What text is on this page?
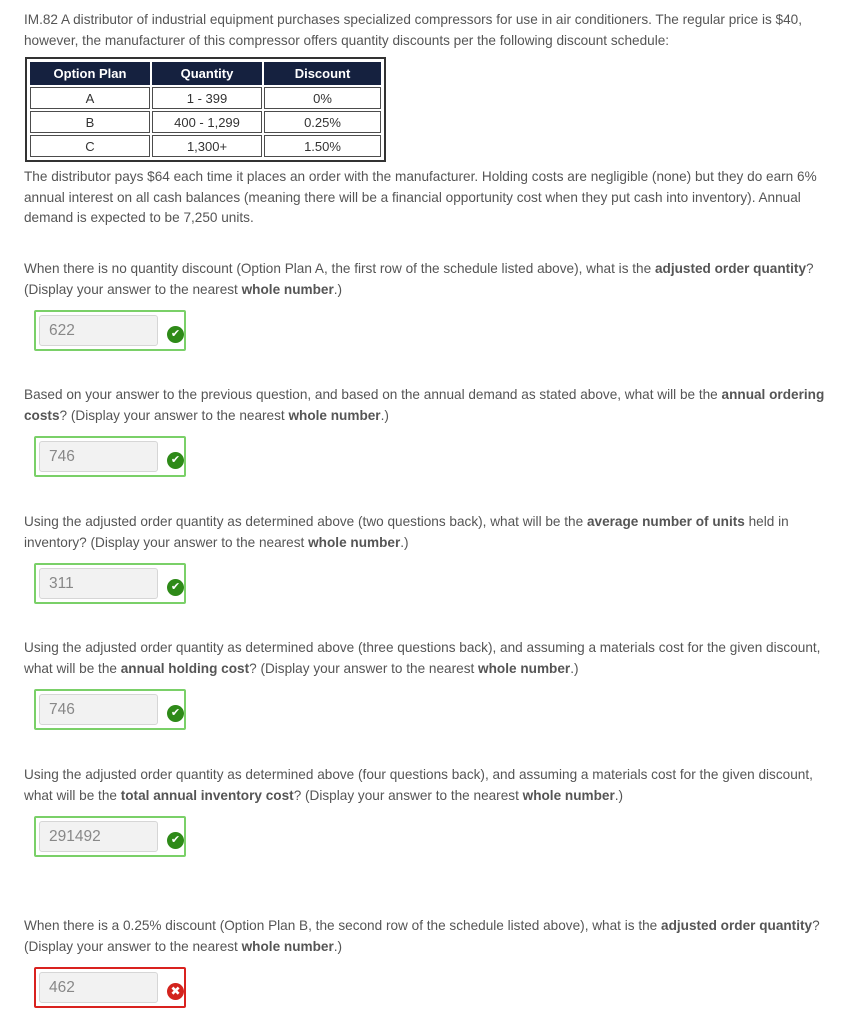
IM.82 A distributor of industrial equipment purchases specialized compressors for use in air conditioners. The regular price is $40, however, the manufacturer of this compressor offers quantity discounts per the following discount schedule:

Option Plan	Quantity	Discount
A	1 - 399	0%
B	400 - 1,299	0.25%
C	1,300+	1.50%

The distributor pays $64 each time it places an order with the manufacturer. Holding costs are negligible (none) but they do earn 6% annual interest on all cash balances (meaning there will be a financial opportunity cost when they put cash into inventory). Annual demand is expected to be 7,250 units.

When there is no quantity discount (Option Plan A, the first row of the schedule listed above), what is the adjusted order quantity? (Display your answer to the nearest whole number.)

622	✔

Based on your answer to the previous question, and based on the annual demand as stated above, what will be the annual ordering costs? (Display your answer to the nearest whole number.)

746	✔

Using the adjusted order quantity as determined above (two questions back), what will be the average number of units held in inventory? (Display your answer to the nearest whole number.)

311	✔

Using the adjusted order quantity as determined above (three questions back), and assuming a materials cost for the given discount, what will be the annual holding cost? (Display your answer to the nearest whole number.)

746	✔

Using the adjusted order quantity as determined above (four questions back), and assuming a materials cost for the given discount, what will be the total annual inventory cost? (Display your answer to the nearest whole number.)

291492	✔

When there is a 0.25% discount (Option Plan B, the second row of the schedule listed above), what is the adjusted order quantity? (Display your answer to the nearest whole number.)

462	✖
